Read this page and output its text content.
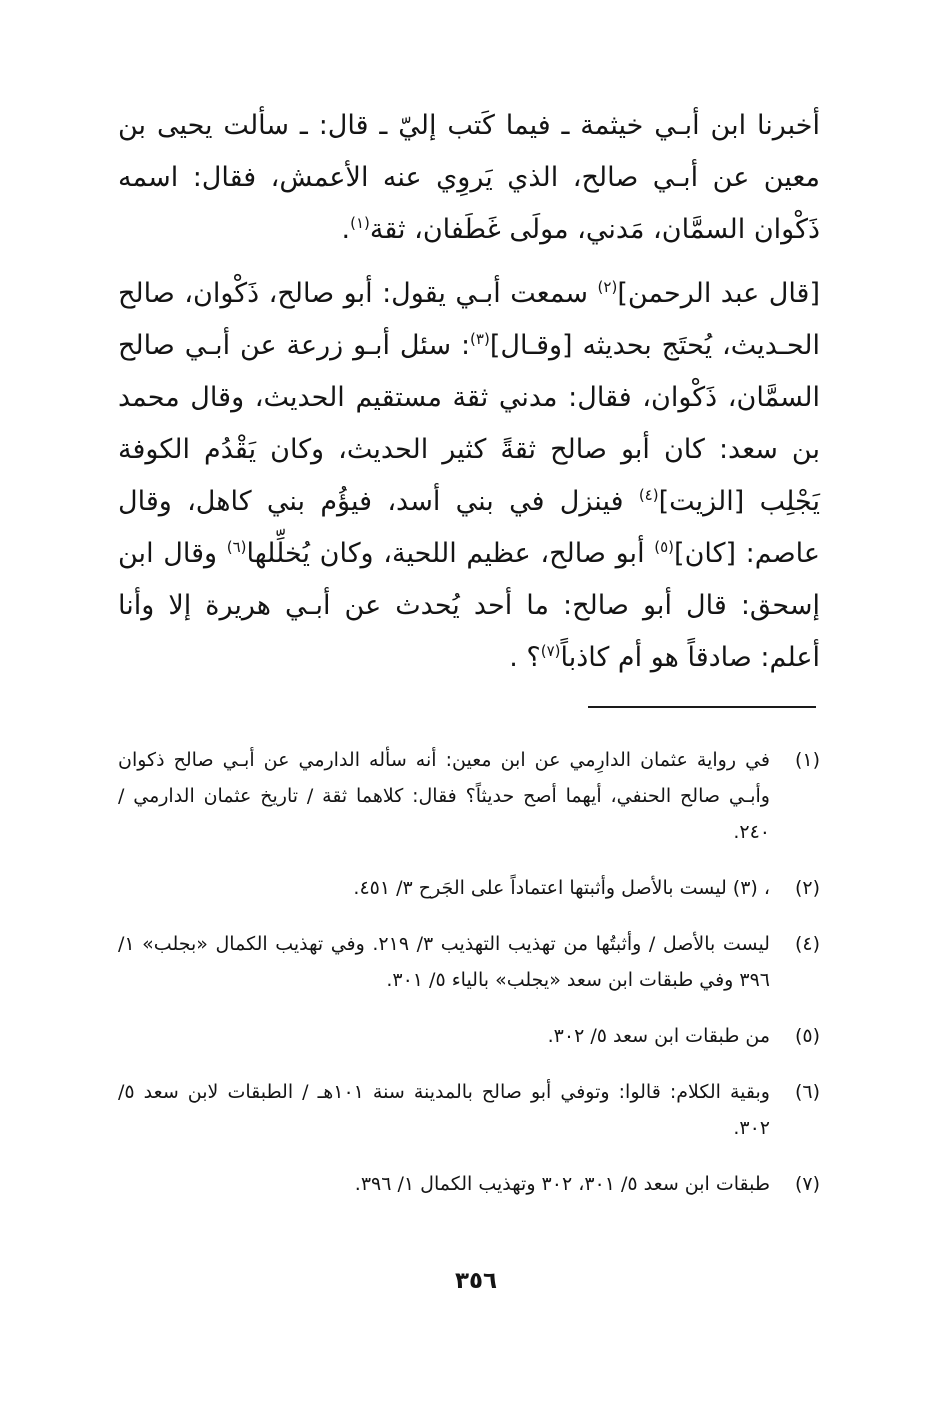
أخبرنا ابن أبـي خيثمة ـ فيما كَتب إليّ ـ قال: ـ سألت يحيى بن معين عن أبـي صالح، الذي يَروِي عنه الأعمش، فقال: اسمه ذَكْوان السمَّان، مَدني، مولَى غَطَفان، ثقة$^{(١)}$.

[قال عبد الرحمن]$^{(٢)}$ سمعت أبـي يقول: أبو صالح، ذَكْوان، صالح الحـديث، يُحتَج بحديثه [وقـال]$^{(٣)}$: سئل أبـو زرعة عن أبـي صالح السمَّان، ذَكْوان، فقال: مدني ثقة مستقيم الحديث، وقال محمد بن سعد: كان أبو صالح ثقةً كثير الحديث، وكان يَقْدُم الكوفة يَجْلِب [الزيت]$^{(٤)}$ فينزل في بني أسد، فيؤُم بني كاهل، وقال عاصم: [كان]$^{(٥)}$ أبو صالح، عظيم اللحية، وكان يُخلِّلها$^{(٦)}$ وقال ابن إسحق: قال أبو صالح: ما أحد يُحدث عن أبـي هريرة إلا وأنا أعلم: صادقاً هو أم كاذباً$^{(٧)}$؟ .

(١)
في رواية عثمان الدارِمي عن ابن معين: أنه سأله الدارمي عن أبـي صالح ذكوان وأبـي صالح الحنفي، أيهما أصح حديثاً؟ فقال: كلاهما ثقة / تاريخ عثمان الدارمي / ٢٤٠.
(٢)
، (٣) ليست بالأصل وأثبتها اعتماداً على الجَرح ٣/ ٤٥١.
(٤)
ليست بالأصل / وأثبتُها من تهذيب التهذيب ٣/ ٢١٩. وفي تهذيب الكمال «بجلب» ١/ ٣٩٦ وفي طبقات ابن سعد «يجلب» بالياء ٥/ ٣٠١.
(٥)
من طبقات ابن سعد ٥/ ٣٠٢.
(٦)
وبقية الكلام: قالوا: وتوفي أبو صالح بالمدينة سنة ١٠١هـ / الطبقات لابن سعد ٥/ ٣٠٢.
(٧)
طبقات ابن سعد ٥/ ٣٠١، ٣٠٢ وتهذيب الكمال ١/ ٣٩٦.
٣٥٦
